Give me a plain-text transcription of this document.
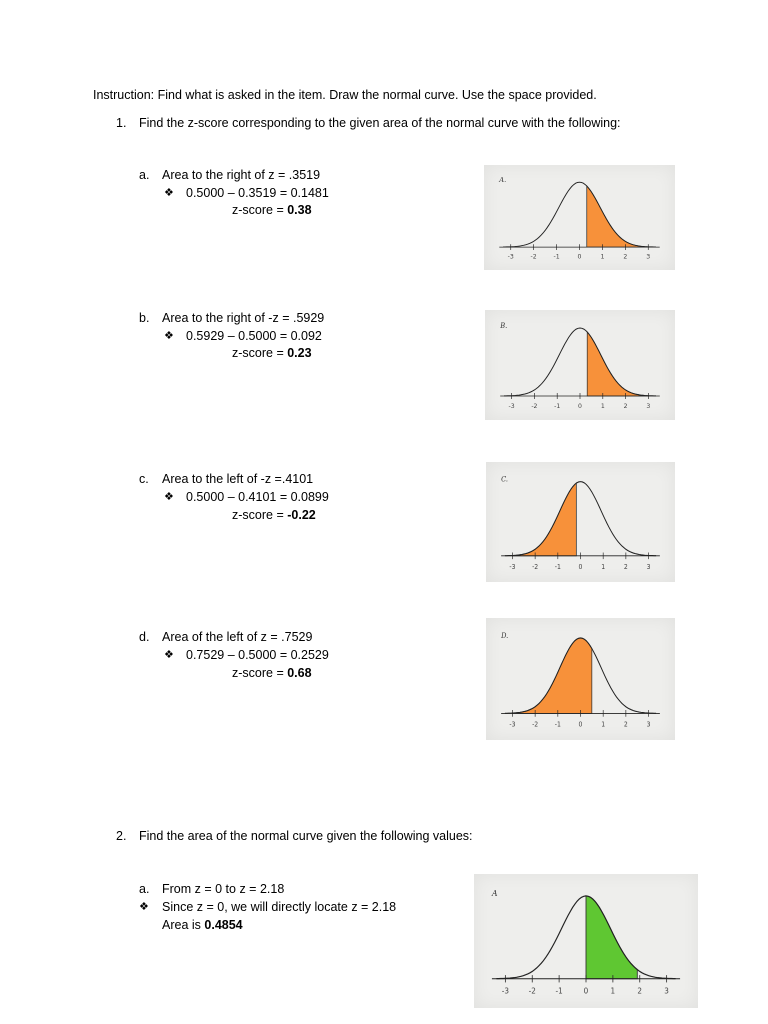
Instruction: Find what is asked in the item. Draw the normal curve. Use the space provided.
1. Find the z-score corresponding to the given area of the normal curve with the following:
a. Area to the right of z = .3519
❖ 0.5000 – 0.3519 = 0.1481
z-score = 0.38
-3	-2	-1	0	1	2	3
A.
b. Area to the right of -z = .5929
❖ 0.5929 – 0.5000 = 0.092
z-score = 0.23
-3	-2	-1	0	1	2	3
B.
c. Area to the left of -z =.4101
❖ 0.5000 – 0.4101 = 0.0899
z-score = -0.22
-3	-2	-1	0	1	2	3
C.
d. Area of the left of z = .7529
❖ 0.7529 – 0.5000 = 0.2529
z-score = 0.68
-3	-2	-1	0	1	2	3
D.
2. Find the area of the normal curve given the following values:
a. From z = 0 to z = 2.18
❖ Since z = 0, we will directly locate z = 2.18
Area is 0.4854
-3	-2	-1	0	1	2	3
A
